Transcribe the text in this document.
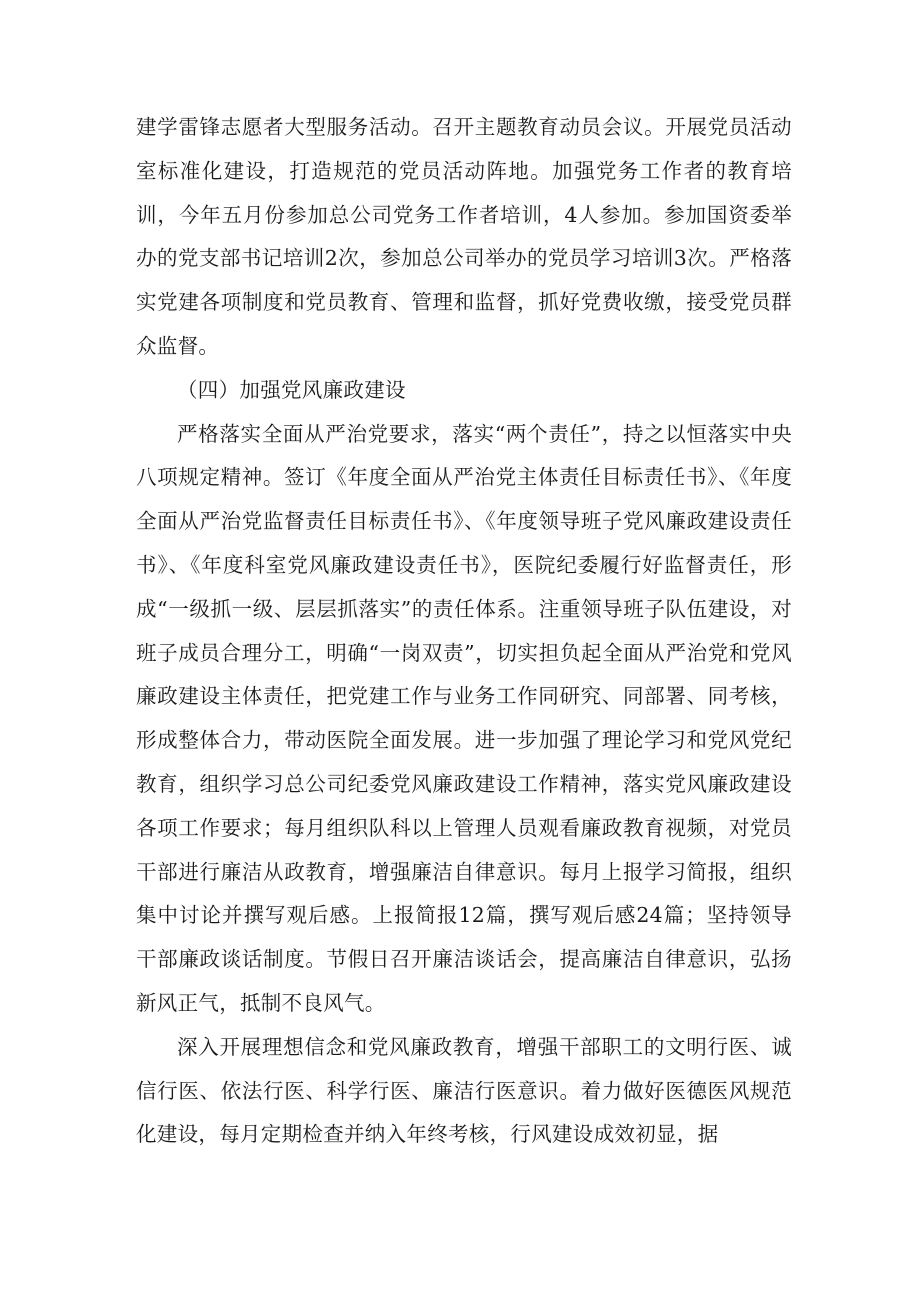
建学雷锋志愿者大型服务活动。召开主题教育动员会议。开展党员活动室标准化建设，打造规范的党员活动阵地。加强党务工作者的教育培训，今年五月份参加总公司党务工作者培训，4人参加。参加国资委举办的党支部书记培训2次，参加总公司举办的党员学习培训3次。严格落实党建各项制度和党员教育、管理和监督，抓好党费收缴，接受党员群众监督。

（四）加强党风廉政建设

严格落实全面从严治党要求，落实“两个责任”，持之以恒落实中央八项规定精神。签订《年度全面从严治党主体责任目标责任书》、《年度全面从严治党监督责任目标责任书》、《年度领导班子党风廉政建设责任书》、《年度科室党风廉政建设责任书》，医院纪委履行好监督责任，形成“一级抓一级、层层抓落实”的责任体系。注重领导班子队伍建设，对班子成员合理分工，明确“一岗双责”，切实担负起全面从严治党和党风廉政建设主体责任，把党建工作与业务工作同研究、同部署、同考核，形成整体合力，带动医院全面发展。进一步加强了理论学习和党风党纪教育，组织学习总公司纪委党风廉政建设工作精神，落实党风廉政建设各项工作要求；每月组织队科以上管理人员观看廉政教育视频，对党员干部进行廉洁从政教育，增强廉洁自律意识。每月上报学习简报，组织集中讨论并撰写观后感。上报简报12篇，撰写观后感24篇；坚持领导干部廉政谈话制度。节假日召开廉洁谈话会，提高廉洁自律意识，弘扬新风正气，抵制不良风气。

深入开展理想信念和党风廉政教育，增强干部职工的文明行医、诚信行医、依法行医、科学行医、廉洁行医意识。着力做好医德医风规范化建设，每月定期检查并纳入年终考核，行风建设成效初显，据
